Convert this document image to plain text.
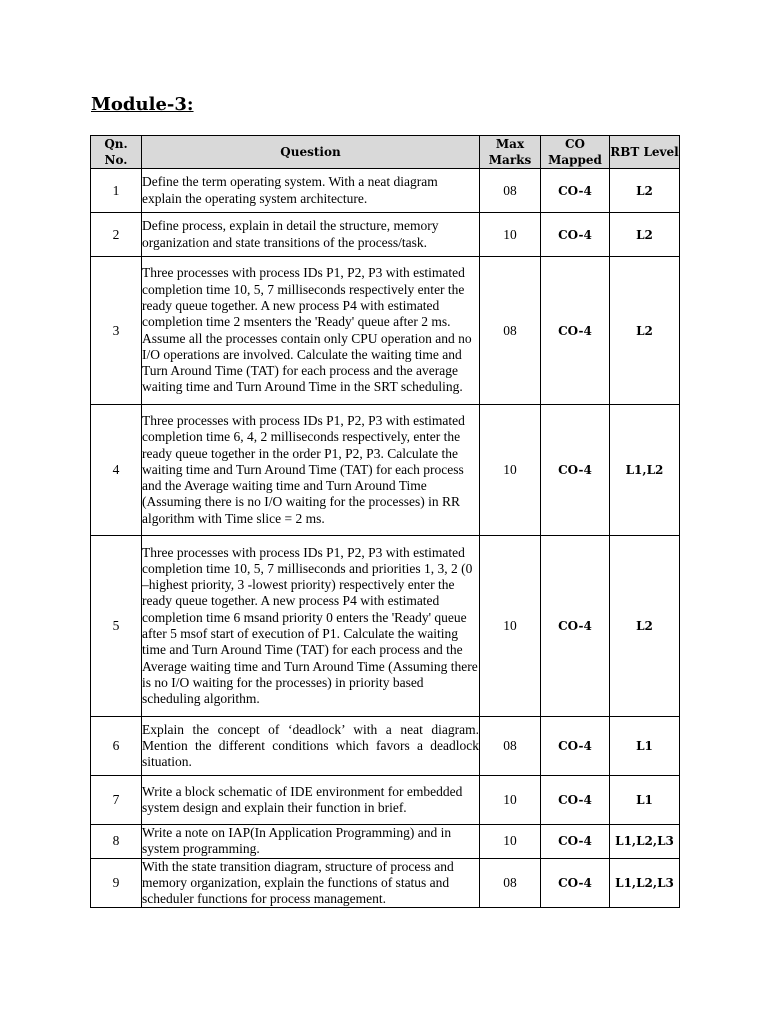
Module-3:
Qn. No.	Question	Max Marks	CO Mapped	RBT Level
1	Define the term operating system. With a neat diagram explain the operating system architecture.	08	CO-4	L2
2	Define process, explain in detail the structure, memory organization and state transitions of the process/task.	10	CO-4	L2
3	Three processes with process IDs P1, P2, P3 with estimated completion time 10, 5, 7 milliseconds respectively enter the ready queue together. A new process P4 with estimated completion time 2 msenters the 'Ready' queue after 2 ms. Assume all the processes contain only CPU operation and no I/O operations are involved. Calculate the waiting time and Turn Around Time (TAT) for each process and the average waiting time and Turn Around Time in the SRT scheduling.	08	CO-4	L2
4	Three processes with process IDs P1, P2, P3 with estimated completion time 6, 4, 2 milliseconds respectively, enter the ready queue together in the order P1, P2, P3. Calculate the waiting time and Turn Around Time (TAT) for each process and the Average waiting time and Turn Around Time (Assuming there is no I/O waiting for the processes) in RR algorithm with Time slice = 2 ms.	10	CO-4	L1,L2
5	Three processes with process IDs P1, P2, P3 with estimated completion time 10, 5, 7 milliseconds and priorities 1, 3, 2 (0 –highest priority, 3 -lowest priority) respectively enter the ready queue together. A new process P4 with estimated completion time 6 msand priority 0 enters the 'Ready' queue after 5 msof start of execution of P1. Calculate the waiting time and Turn Around Time (TAT) for each process and the Average waiting time and Turn Around Time (Assuming there is no I/O waiting for the processes) in priority based scheduling algorithm.	10	CO-4	L2
6	Explain the concept of ‘deadlock’ with a neat diagram. Mention the different conditions which favors a deadlock situation.	08	CO-4	L1
7	Write a block schematic of IDE environment for embedded system design and explain their function in brief.	10	CO-4	L1
8	Write a note on IAP(In Application Programming) and in system programming.	10	CO-4	L1,L2,L3
9	With the state transition diagram, structure of process and memory organization, explain the functions of status and scheduler functions for process management.	08	CO-4	L1,L2,L3
